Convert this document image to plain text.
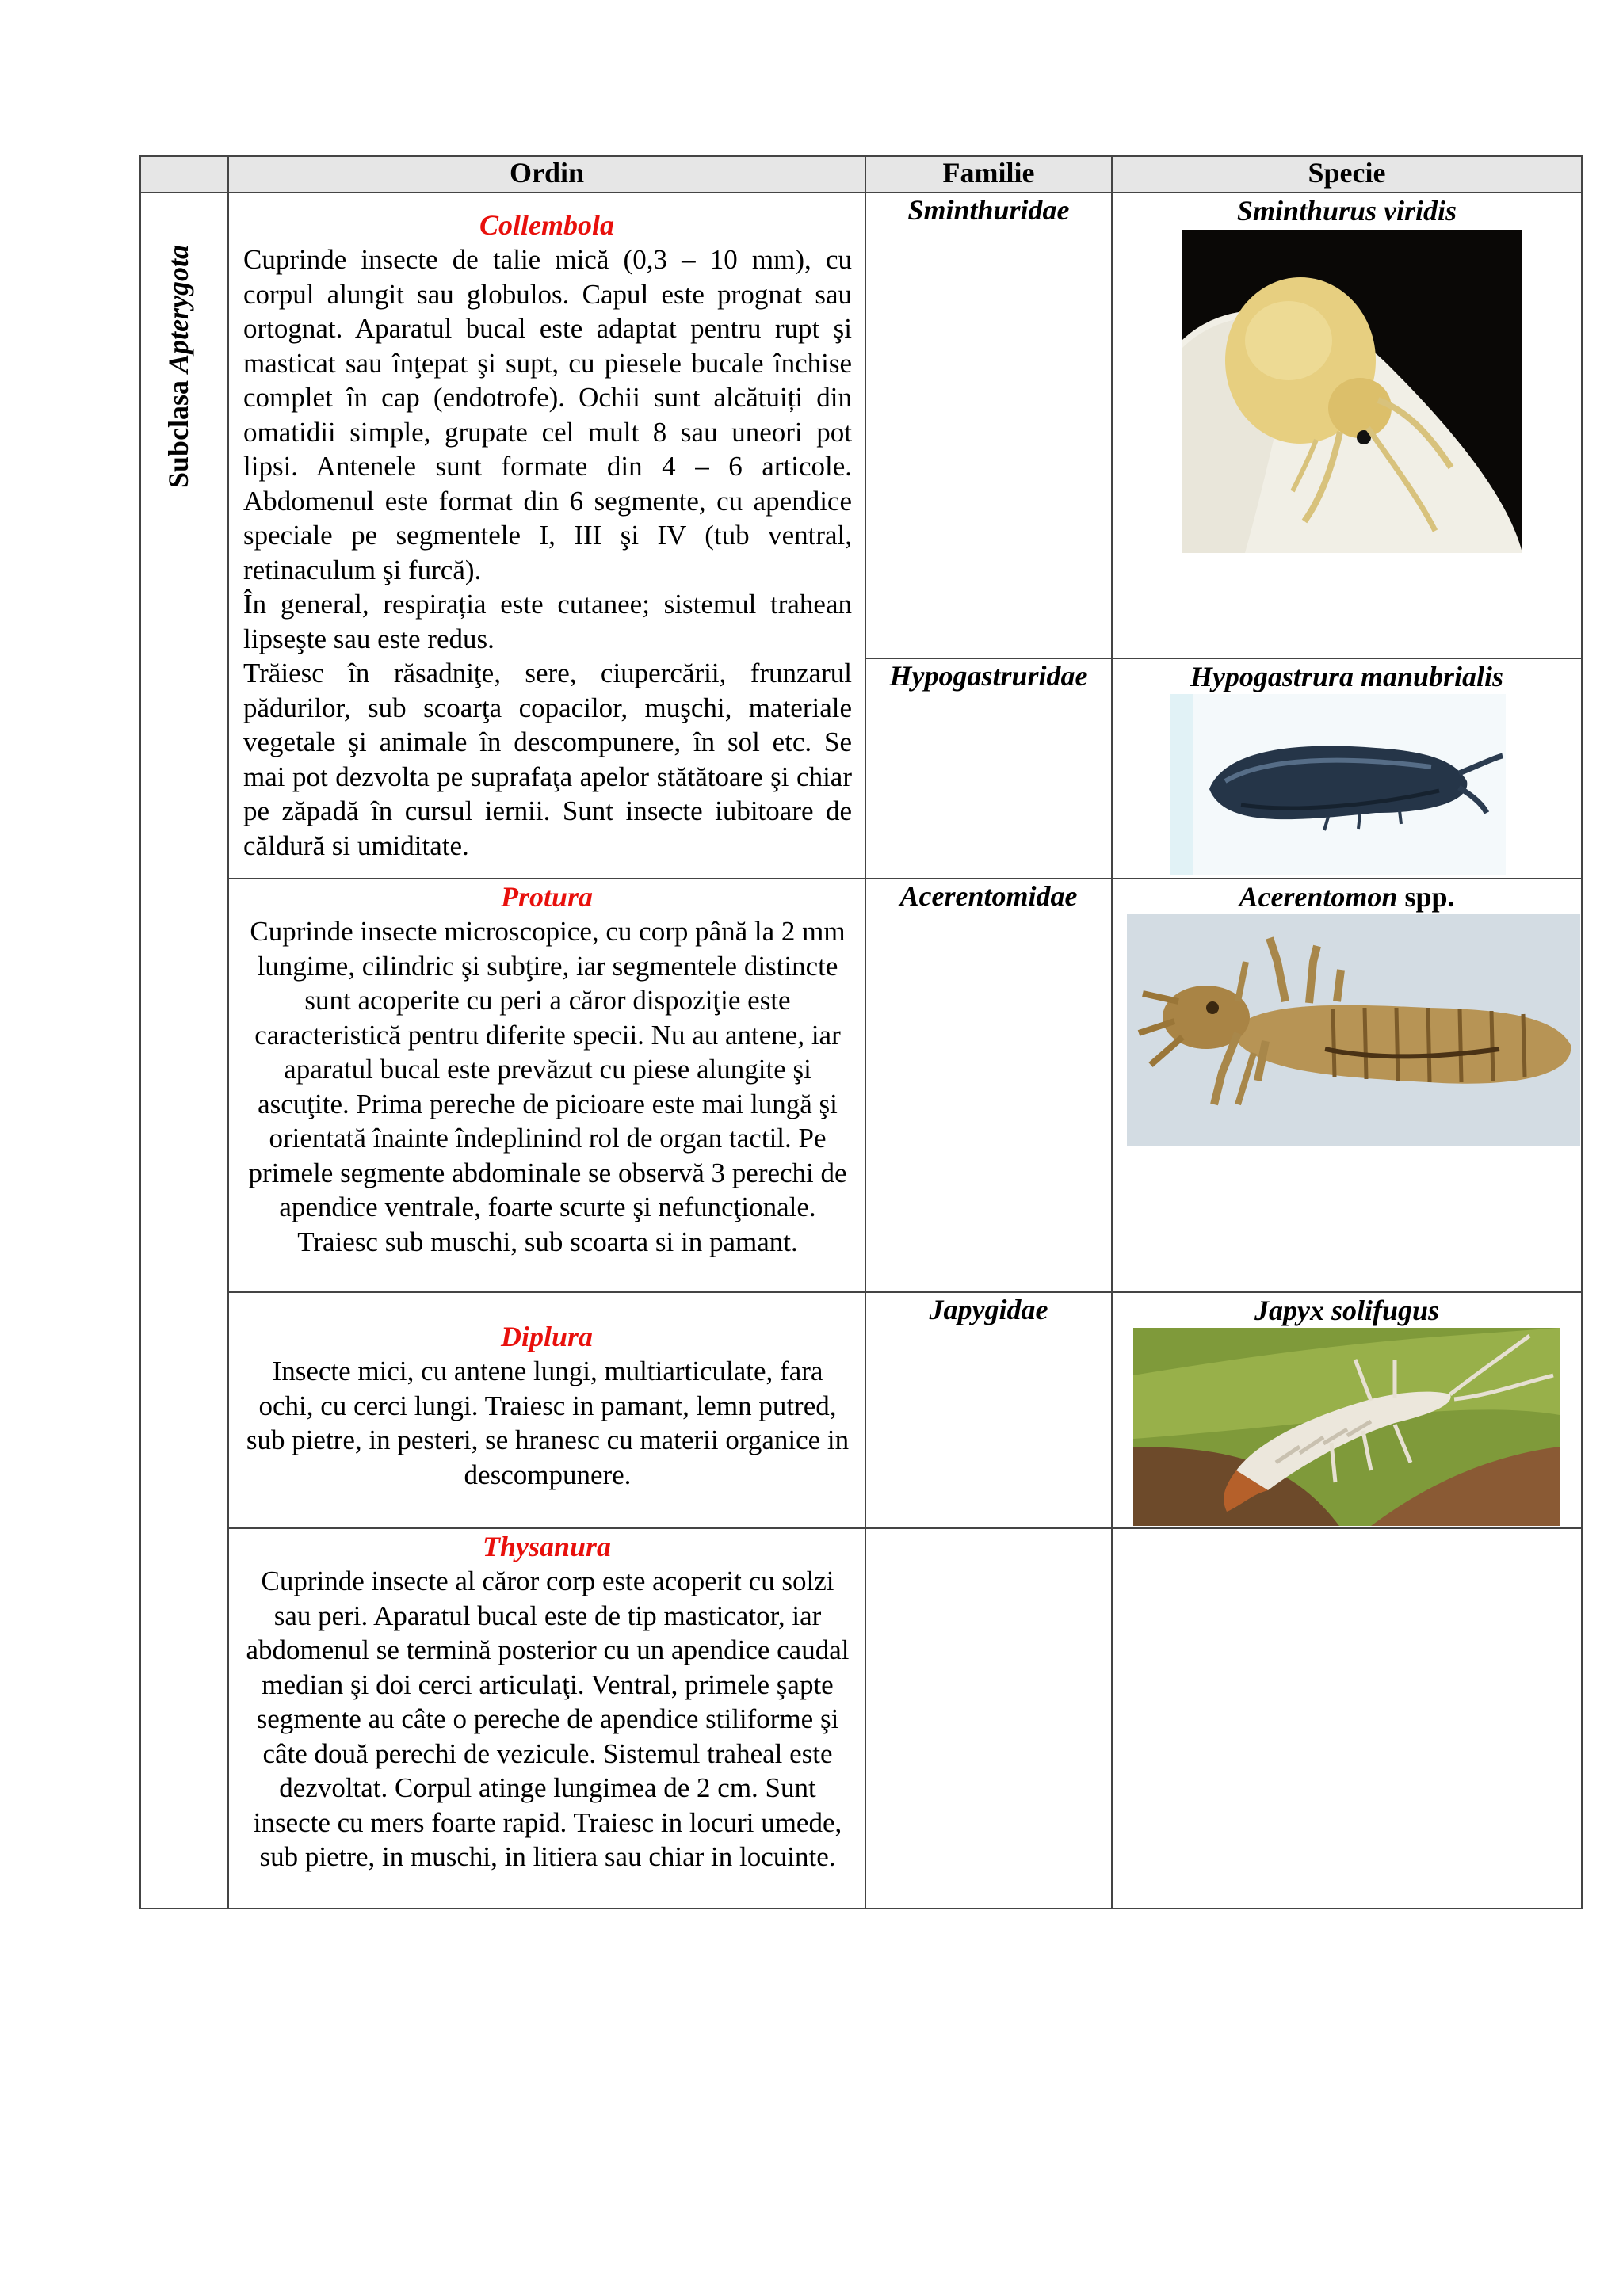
	Ordin	Familie	Specie

Subclasa Apterygota	Collembola

Cuprinde insecte de talie mică (0,3 – 10 mm), cu corpul alungit sau globulos. Capul este prognat sau ortognat. Aparatul bucal este adaptat pentru rupt şi masticat sau înţepat şi supt, cu piesele bucale închise complet în cap (endotrofe). Ochii sunt alcătuiți din omatidii simple, grupate cel mult 8 sau uneori pot lipsi. Antenele sunt formate din 4 – 6 articole. Abdomenul este format din 6 segmente, cu apendice speciale pe segmentele I, III şi IV (tub ventral, retinaculum şi furcă).

În general, respirația este cutanee; sistemul trahean lipseşte sau este redus.

Trăiesc în răsadniţe, sere, ciupercării, frunzarul pădurilor, sub scoarţa copacilor, muşchi, materiale vegetale şi animale în descompunere, în sol etc. Se mai pot dezvolta pe suprafaţa apelor stătătoare şi chiar pe zăpadă în cursul iernii. Sunt insecte iubitoare de căldură si umiditate.	Sminthuridae	Sminthurus viridis

		Hypogastruridae	Hypogastrura manubrialis

	Protura
Cuprinde insecte microscopice, cu corp până la 2 mm lungime, cilindric şi subţire, iar segmentele distincte sunt acoperite cu peri a căror dispoziţie este caracteristică pentru diferite specii. Nu au antene, iar aparatul bucal este prevăzut cu piese alungite şi ascuţite. Prima pereche de picioare este mai lungă şi orientată înainte îndeplinind rol de organ tactil. Pe primele segmente abdominale se observă 3 perechi de apendice ventrale, foarte scurte şi nefuncţionale. Traiesc sub muschi, sub scoarta si in pamant.	Acerentomidae	Acerentomon spp.

	Diplura
Insecte mici, cu antene lungi, multiarticulate, fara ochi, cu cerci lungi. Traiesc in pamant, lemn putred, sub pietre, in pesteri, se hranesc cu materii organice in descompunere.	Japygidae	Japyx solifugus

	Thysanura
Cuprinde insecte al căror corp este acoperit cu solzi sau peri. Aparatul bucal este de tip masticator, iar abdomenul se termină posterior cu un apendice caudal median şi doi cerci articulaţi. Ventral, primele şapte segmente au câte o pereche de apendice stiliforme şi câte două perechi de vezicule. Sistemul traheal este dezvoltat. Corpul atinge lungimea de 2 cm. Sunt insecte cu mers foarte rapid. Traiesc in locuri umede, sub pietre, in muschi, in litiera sau chiar in locuinte.		
